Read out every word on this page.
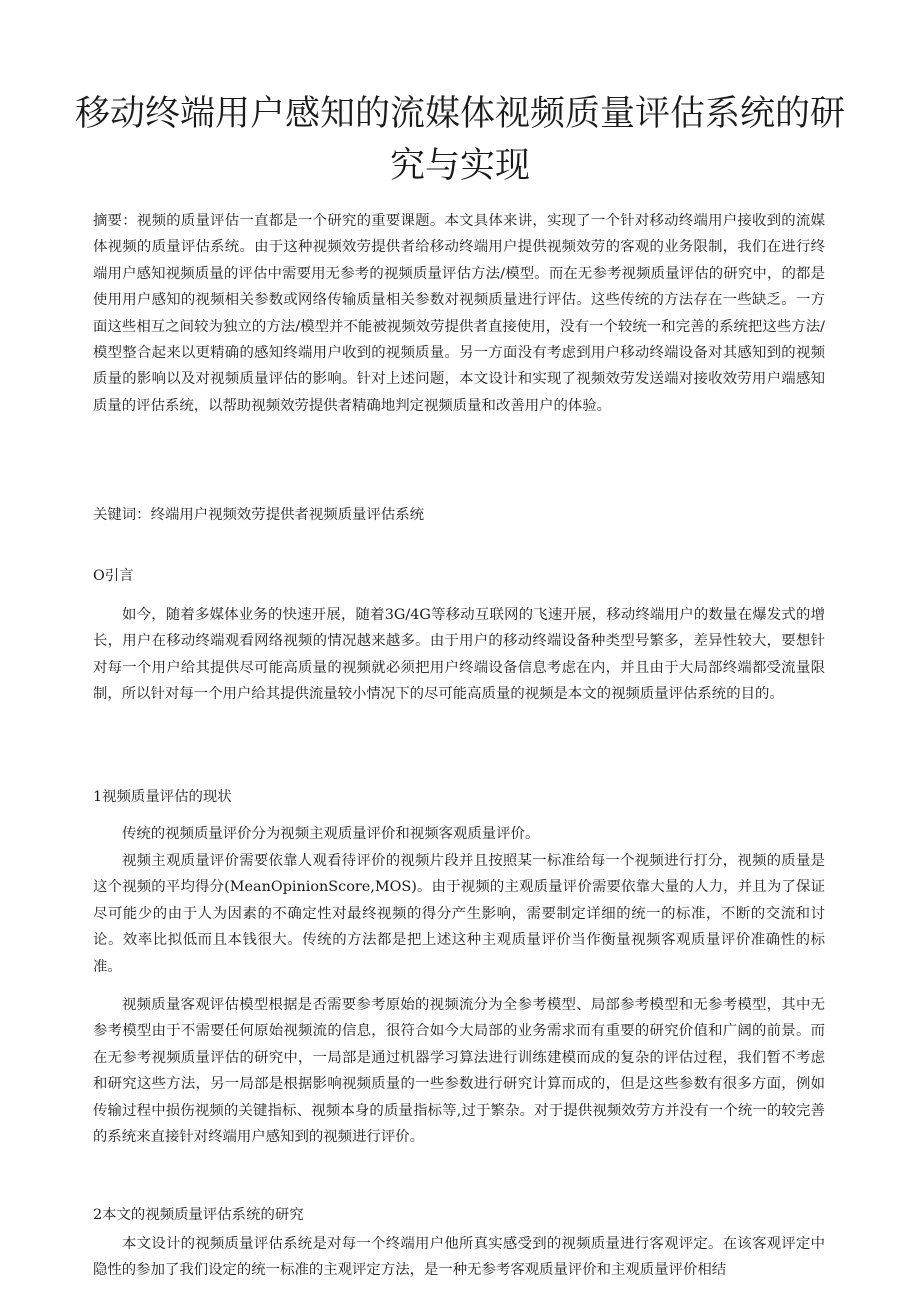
移动终端用户感知的流媒体视频质量评估系统的研究与实现

摘要：视频的质量评估一直都是一个研究的重要课题。本文具体来讲，实现了一个针对移动终端用户接收到的流媒体视频的质量评估系统。由于这种视频效劳提供者给移动终端用户提供视频效劳的客观的业务限制，我们在进行终端用户感知视频质量的评估中需要用无参考的视频质量评估方法/模型。而在无参考视频质量评估的研究中，的都是使用用户感知的视频相关参数或网络传输质量相关参数对视频质量进行评估。这些传统的方法存在一些缺乏。一方面这些相互之间较为独立的方法/模型并不能被视频效劳提供者直接使用，没有一个较统一和完善的系统把这些方法/模型整合起来以更精确的感知终端用户收到的视频质量。另一方面没有考虑到用户移动终端设备对其感知到的视频质量的影响以及对视频质量评估的影响。针对上述问题，本文设计和实现了视频效劳发送端对接收效劳用户端感知质量的评估系统，以帮助视频效劳提供者精确地判定视频质量和改善用户的体验。

关键词：终端用户视频效劳提供者视频质量评估系统

O引言

如今，随着多媒体业务的快速开展，随着3G/4G等移动互联网的飞速开展，移动终端用户的数量在爆发式的增长，用户在移动终端观看网络视频的情况越来越多。由于用户的移动终端设备种类型号繁多，差异性较大，要想针对每一个用户给其提供尽可能高质量的视频就必须把用户终端设备信息考虑在内，并且由于大局部终端都受流量限制，所以针对每一个用户给其提供流量较小情况下的尽可能高质量的视频是本文的视频质量评估系统的目的。

1视频质量评估的现状

传统的视频质量评价分为视频主观质量评价和视频客观质量评价。

视频主观质量评价需要依靠人观看待评价的视频片段并且按照某一标准给每一个视频进行打分，视频的质量是这个视频的平均得分(MeanOpinionScore,MOS)。由于视频的主观质量评价需要依靠大量的人力，并且为了保证尽可能少的由于人为因素的不确定性对最终视频的得分产生影响，需要制定详细的统一的标准，不断的交流和讨论。效率比拟低而且本钱很大。传统的方法都是把上述这种主观质量评价当作衡量视频客观质量评价准确性的标准。

视频质量客观评估模型根据是否需要参考原始的视频流分为全参考模型、局部参考模型和无参考模型，其中无参考模型由于不需要任何原始视频流的信息，很符合如今大局部的业务需求而有重要的研究价值和广阔的前景。而在无参考视频质量评估的研究中，一局部是通过机器学习算法进行训练建模而成的复杂的评估过程，我们暂不考虑和研究这些方法，另一局部是根据影响视频质量的一些参数进行研究计算而成的，但是这些参数有很多方面，例如传输过程中损伤视频的关键指标、视频本身的质量指标等,过于繁杂。对于提供视频效劳方并没有一个统一的较完善的系统来直接针对终端用户感知到的视频进行评价。

2本文的视频质量评估系统的研究

本文设计的视频质量评估系统是对每一个终端用户他所真实感受到的视频质量进行客观评定。在该客观评定中隐性的参加了我们设定的统一标准的主观评定方法，是一种无参考客观质量评价和主观质量评价相结
